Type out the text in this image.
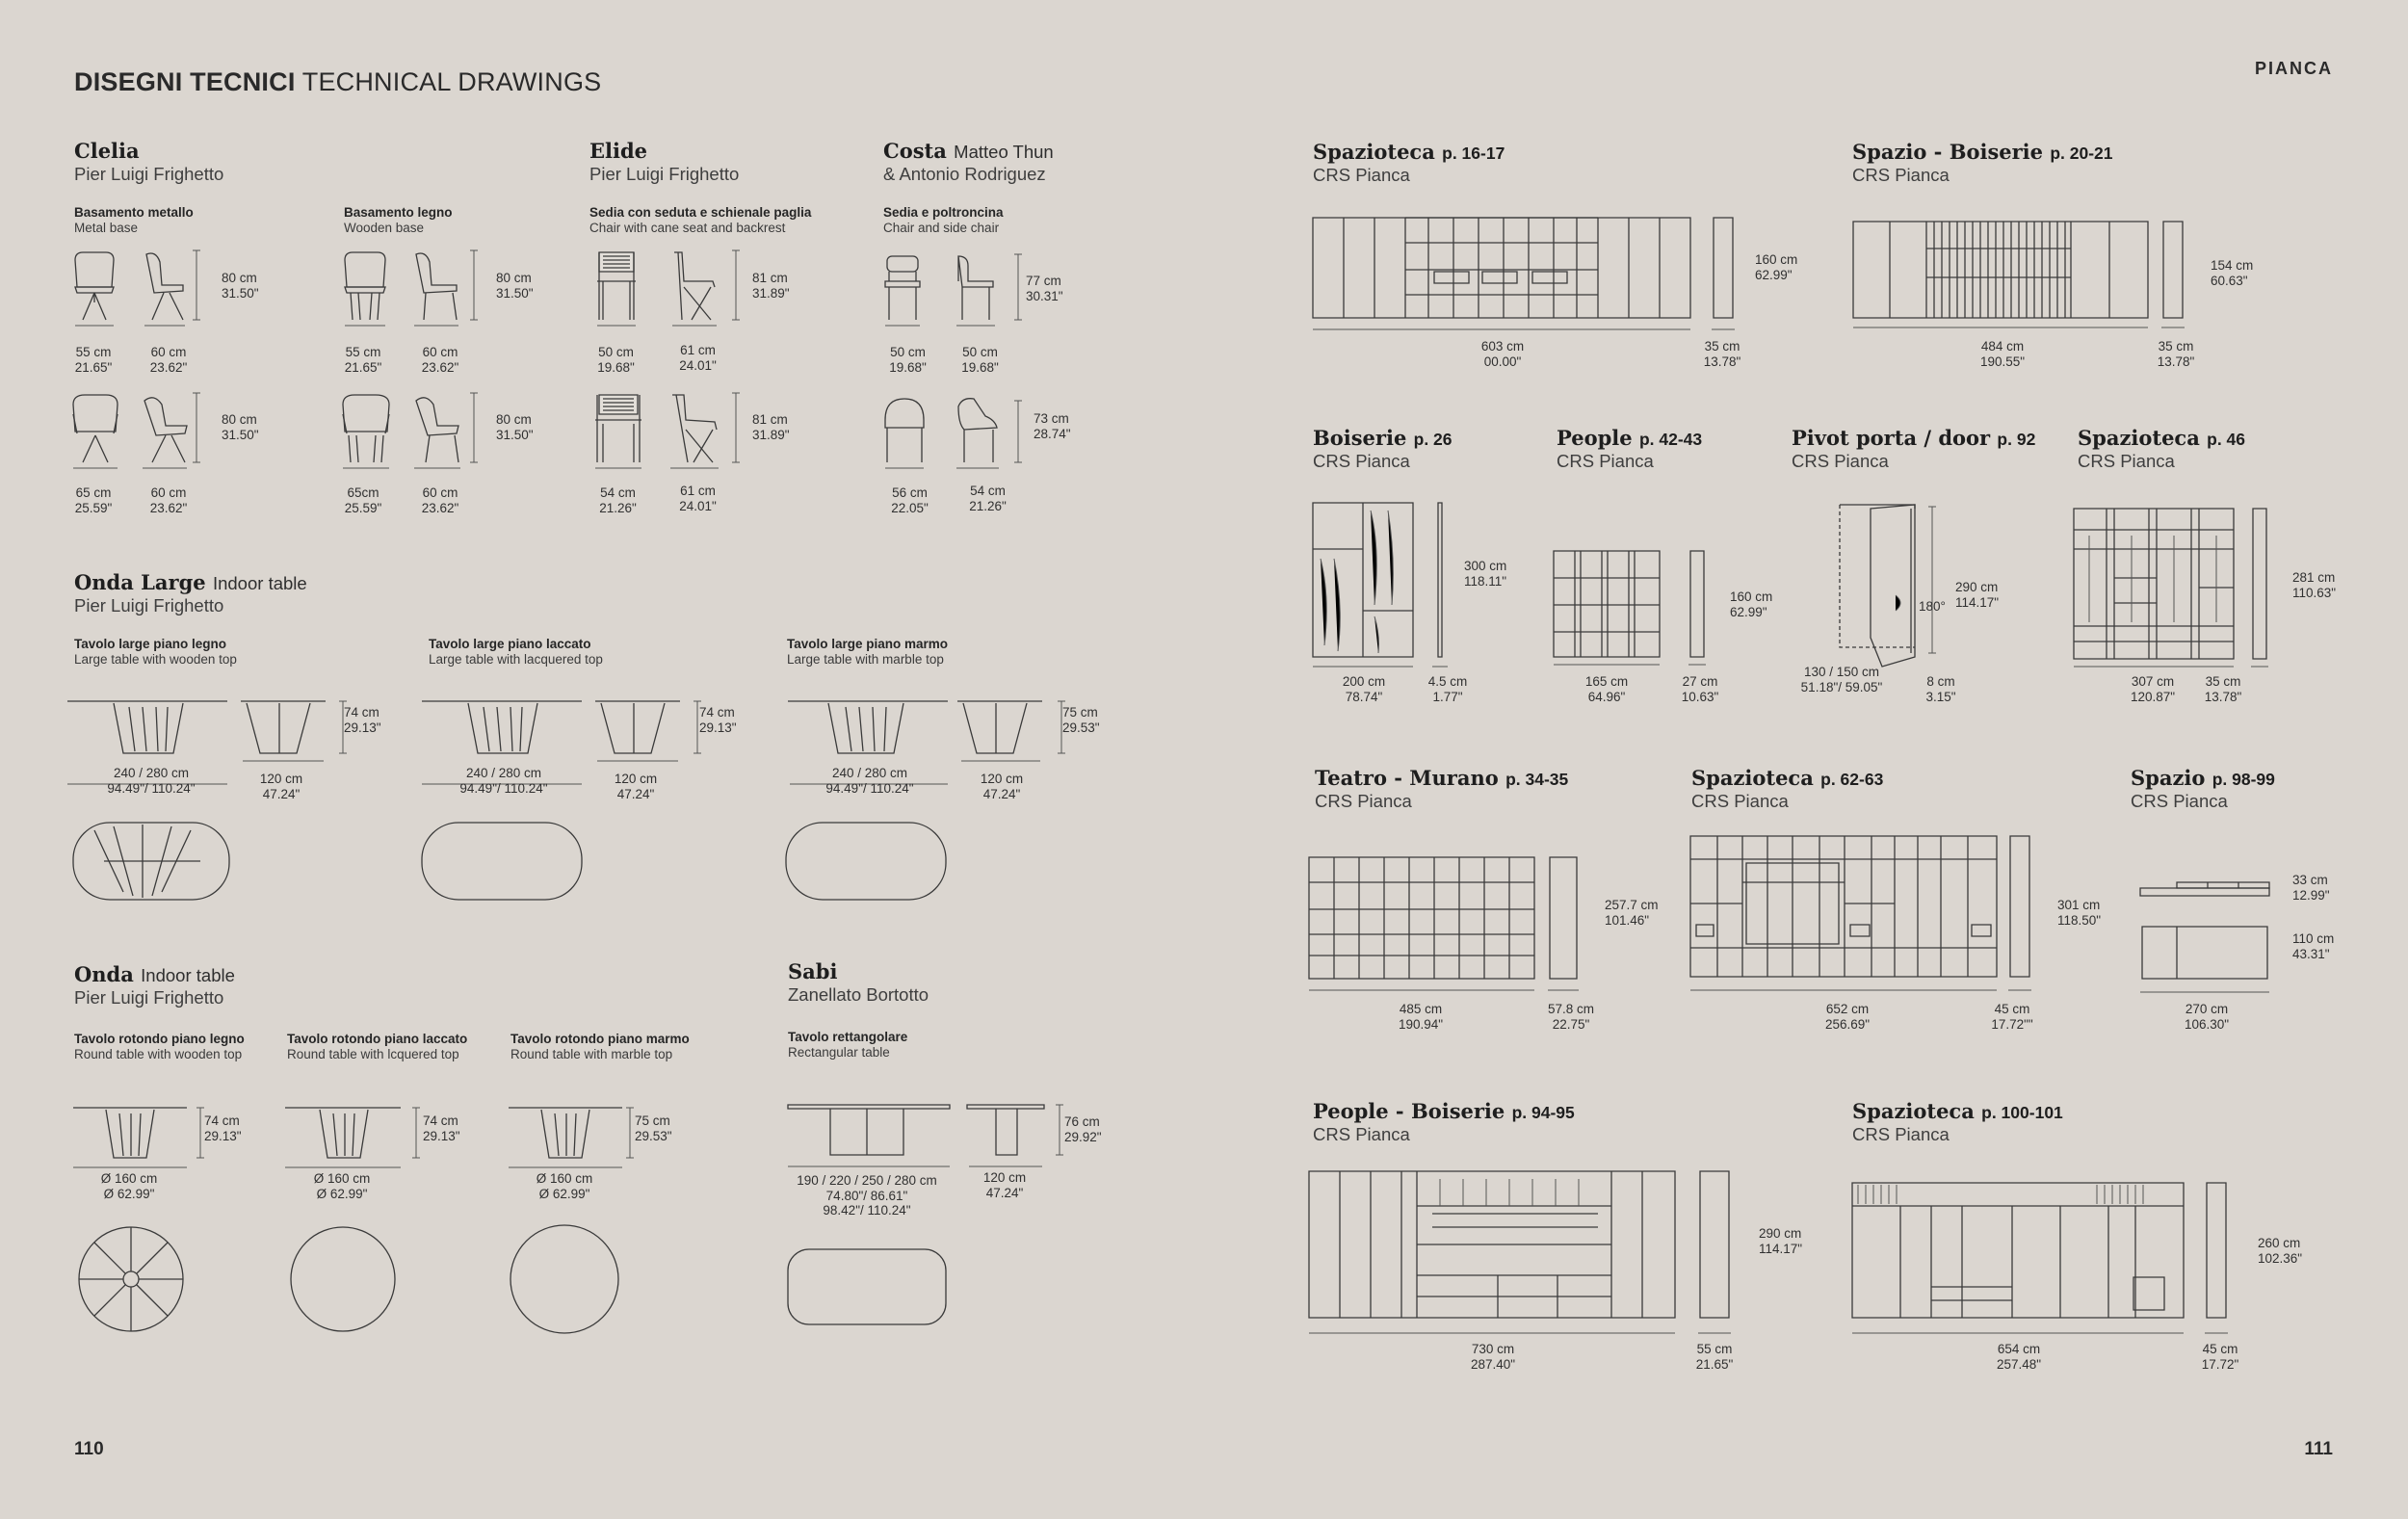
DISEGNI TECNICI TECHNICAL DRAWINGS	PIANCA
110	111
Clelia
Pier Luigi Frighetto
Basamento metallo
Metal base
Basamento legno
Wooden base
55 cm
21.65"
60 cm
23.62"
80 cm
31.50"
65 cm
25.59"
60 cm
23.62"
80 cm
31.50"
55 cm
21.65"
60 cm
23.62"
80 cm
31.50"
65cm
25.59"
60 cm
23.62"
80 cm
31.50"
Elide
Pier Luigi Frighetto
Sedia con seduta e schienale paglia
Chair with cane seat and backrest
50 cm
19.68"
61 cm
24.01"
81 cm
31.89"
54 cm
21.26"
61 cm
24.01"
81 cm
31.89"
Costa Matteo Thun
& Antonio Rodriguez
Sedia e poltroncina
Chair and side chair
50 cm
19.68"
50 cm
19.68"
77 cm
30.31"
56 cm
22.05"
54 cm
21.26"
73 cm
28.74"
Onda Large Indoor table
Pier Luigi Frighetto
Tavolo large piano legno
Large table with wooden top
240 / 280 cm
94.49"/ 110.24"
120 cm
47.24"
74 cm
29.13"
Tavolo large piano laccato
Large table with lacquered top
240 / 280 cm
94.49"/ 110.24"
120 cm
47.24"
74 cm
29.13"
Tavolo large piano marmo
Large table with marble top
240 / 280 cm
94.49"/ 110.24"
120 cm
47.24"
75 cm
29.53"
Onda Indoor table
Pier Luigi Frighetto
Tavolo rotondo piano legno
Round table with wooden top
Ø 160 cm
Ø 62.99"
74 cm
29.13"
Tavolo rotondo piano laccato
Round table with lcquered top
Ø 160 cm
Ø 62.99"
74 cm
29.13"
Tavolo rotondo piano marmo
Round table with marble top
Ø 160 cm
Ø 62.99"
75 cm
29.53"
Sabi
Zanellato Bortotto
Tavolo rettangolare
Rectangular table
190 / 220 / 250 / 280 cm
74.80"/ 86.61"
98.42"/ 110.24"
120 cm
47.24"
76 cm
29.92"
Spazioteca p. 16-17
CRS Pianca
603 cm
00.00"
35 cm
13.78"
160 cm
62.99"
Spazio - Boiserie p. 20-21
CRS Pianca
484 cm
190.55"
35 cm
13.78"
154 cm
60.63"
Boiserie p. 26
CRS Pianca
200 cm
78.74"
4.5 cm
1.77"
300 cm
118.11"
People p. 42-43
CRS Pianca
165 cm
64.96"
27 cm
10.63"
160 cm
62.99"
Pivot porta / door p. 92
CRS Pianca
180°
130 / 150 cm
51.18"/ 59.05"	8 cm
3.15"
290 cm
114.17"
Spazioteca p. 46
CRS Pianca
307 cm
120.87"
35 cm
13.78"
281 cm
110.63"
Teatro - Murano p. 34-35
CRS Pianca
485 cm
190.94"
57.8 cm
22.75"
257.7 cm
101.46"
Spazioteca p. 62-63
CRS Pianca
652 cm
256.69"
45 cm
17.72""
301 cm
118.50"
Spazio p. 98-99
CRS Pianca
270 cm
106.30"
33 cm
12.99"
110 cm
43.31"
People - Boiserie p. 94-95
CRS Pianca
730 cm
287.40"
55 cm
21.65"
290 cm
114.17"
Spazioteca p. 100-101
CRS Pianca
654 cm
257.48"
45 cm
17.72"
260 cm
102.36"
